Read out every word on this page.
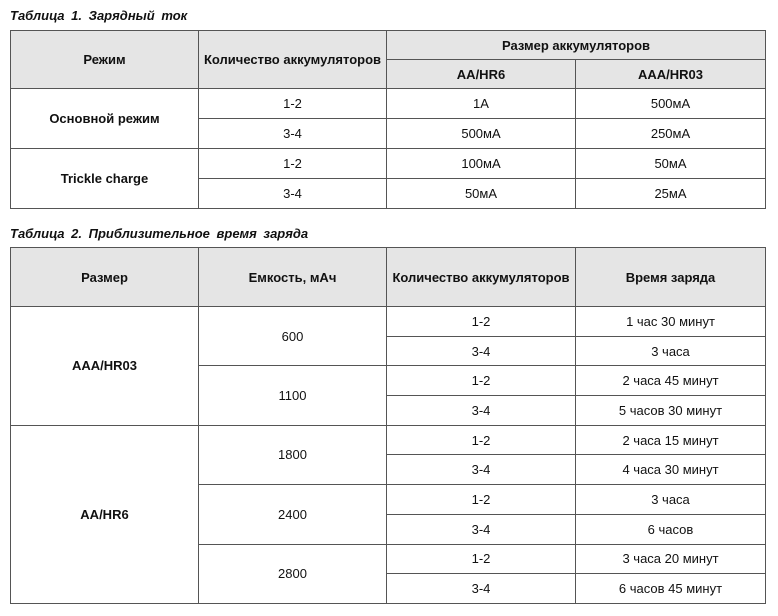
Таблица 1. Зарядный ток
Режим	Количество аккумуляторов	Размер аккумуляторов	
		AA/HR6	AAA/HR03
Основной режим	1-2	1A	500мA
	3-4	500мA	250мA
Trickle charge	1-2	100мA	50мA
	3-4	50мA	25мA
Таблица 2. Приблизительное время заряда
Размер	Емкость, мАч	Количество аккумуляторов	Время заряда
AAA/HR03	600	1-2	1 час 30 минут
		3-4	3 часа
	1100	1-2	2 часа 45 минут
		3-4	5 часов 30 минут
AA/HR6	1800	1-2	2 часа 15 минут
		3-4	4 часа 30 минут
	2400	1-2	3 часа
		3-4	6 часов
	2800	1-2	3 часа 20 минут
		3-4	6 часов 45 минут
